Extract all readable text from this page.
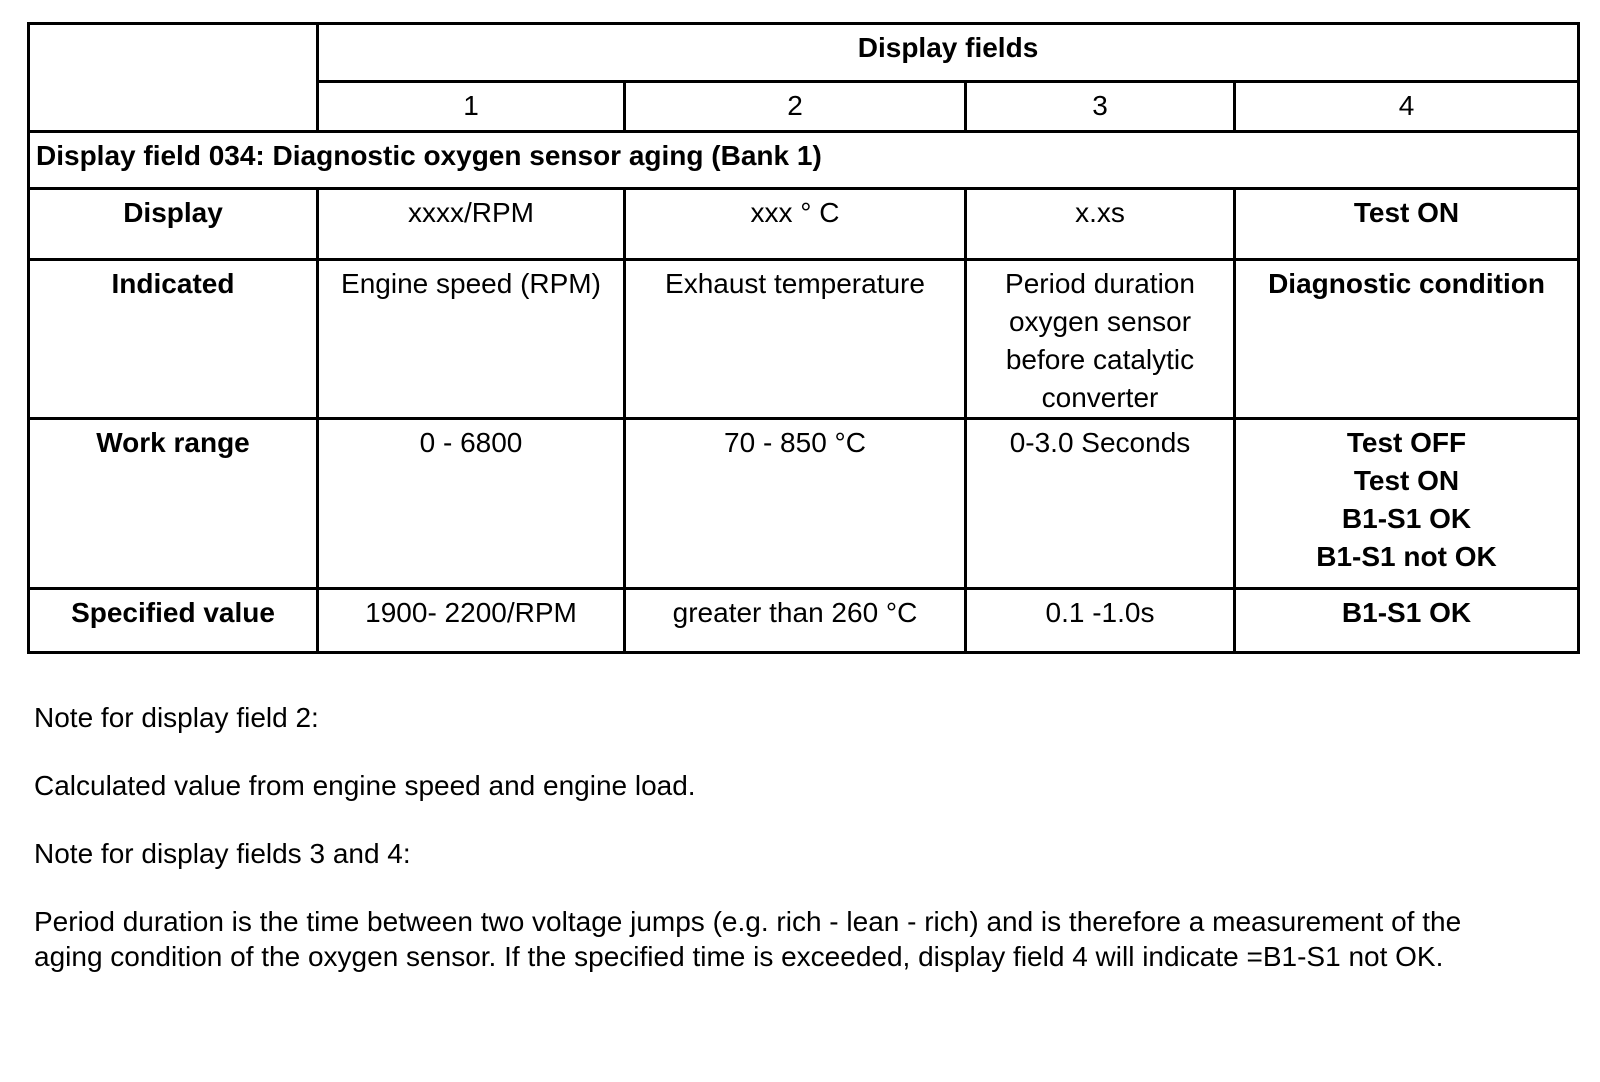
	Display fields			
	1	2	3	4
Display field 034: Diagnostic oxygen sensor aging (Bank 1)				
Display	xxxx/RPM	xxx ° C	x.xs	Test ON
Indicated	Engine speed (RPM)	Exhaust temperature	Period duration oxygen sensor before catalytic converter	Diagnostic condition
Work range	0 - 6800	70 - 850 °C	0-3.0 Seconds	Test OFF
Test ON
B1-S1 OK
B1-S1 not OK

Specified value	1900- 2200/RPM	greater than 260 °C	0.1 -1.0s	B1-S1 OK

Note for display field 2:

Calculated value from engine speed and engine load.

Note for display fields 3 and 4:

Period duration is the time between two voltage jumps (e.g. rich - lean - rich) and is therefore a measurement of the aging condition of the oxygen sensor. If the specified time is exceeded, display field 4 will indicate =B1-S1 not OK.
